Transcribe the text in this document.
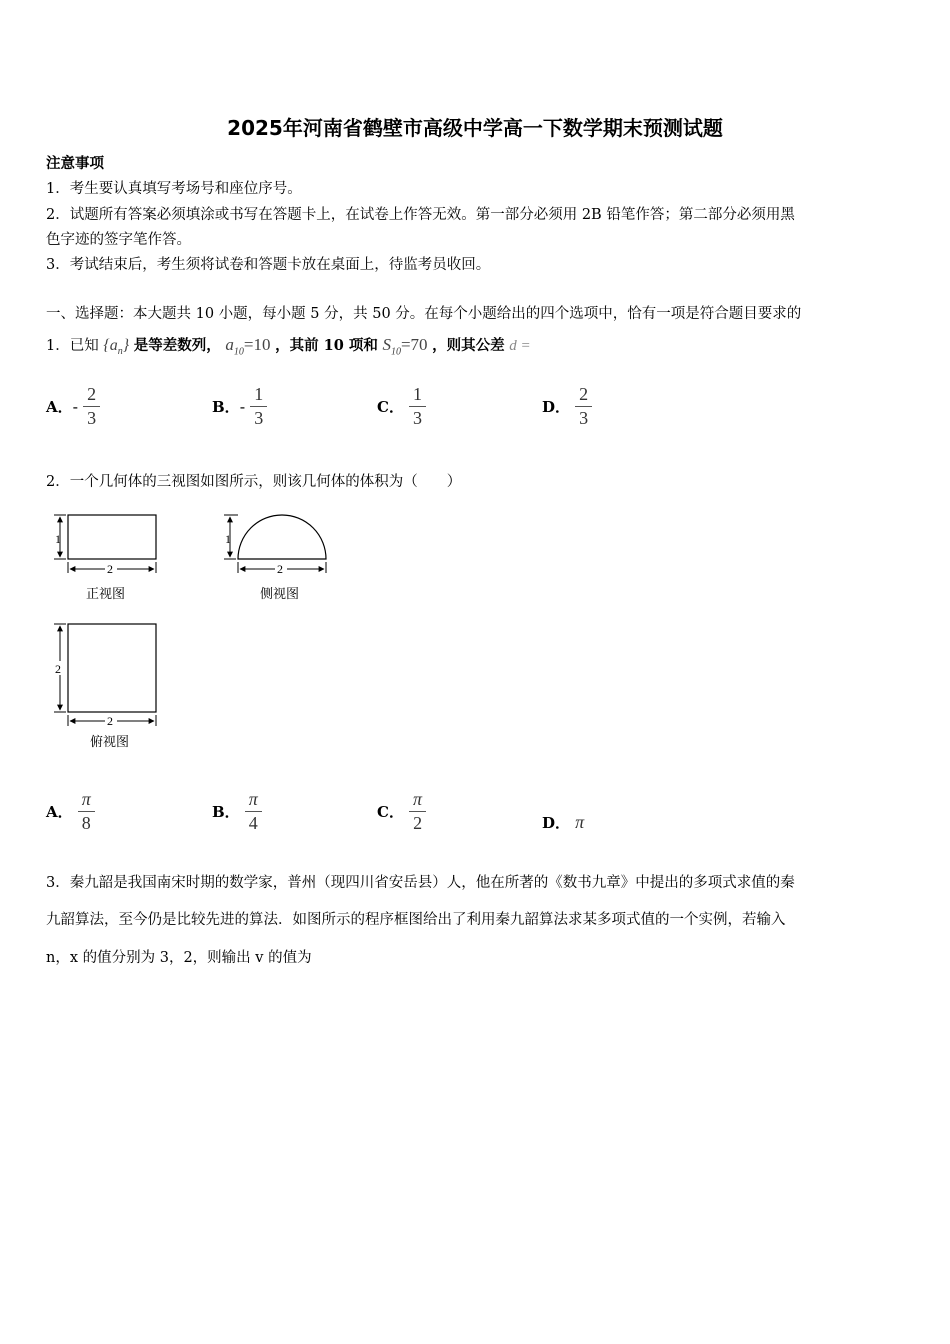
2025年河南省鹤壁市高级中学高一下数学期末预测试题
注意事项
1．考生要认真填写考场号和座位序号。
2．试题所有答案必须填涂或书写在答题卡上，在试卷上作答无效。第一部分必须用 2B 铅笔作答；第二部分必须用黑
色字迹的签字笔作答。
3．考试结束后，考生须将试卷和答题卡放在桌面上，待监考员收回。
一、选择题：本大题共 10 小题，每小题 5 分，共 50 分。在每个小题给出的四个选项中，恰有一项是符合题目要求的
1．已知 $\{a_n\}$ 是等差数列， $a_{10}=10$ ，其前 10 项和 $S_{10}=70$ ，则其公差 d =
A．- $\frac{2}{3}$	B．- $\frac{1}{3}$	C． $\frac{1}{3}$	D． $\frac{2}{3}$
2．一个几何体的三视图如图所示，则该几何体的体积为（　　）
1
2
1
2
2
2
正视图	侧视图
俯视图
A． $\frac{\pi}{8}$	B． $\frac{\pi}{4}$	C． $\frac{\pi}{2}$	D． π
3．秦九韶是我国南宋时期的数学家，普州（现四川省安岳县）人，他在所著的《数书九章》中提出的多项式求值的秦
九韶算法，至今仍是比较先进的算法．如图所示的程序框图给出了利用秦九韶算法求某多项式值的一个实例，若输入
n，x 的值分别为 3，2，则输出 v 的值为
